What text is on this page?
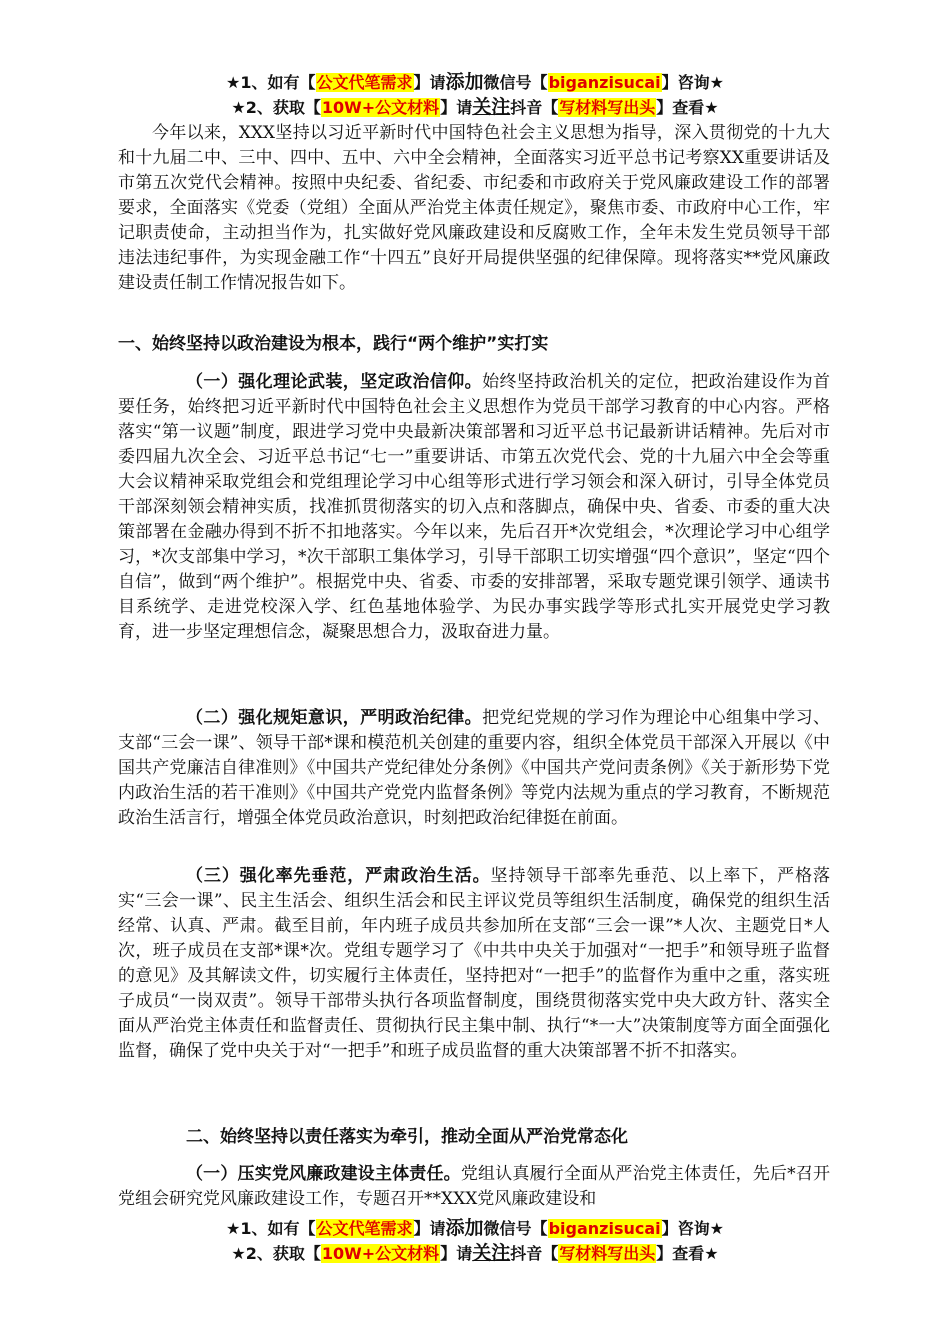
★1、如有【公文代笔需求】请添加微信号【biganzisucai】咨询★
★2、获取【10W+公文材料】请关注抖音【写材料写出头】查看★

今年以来，XXX坚持以习近平新时代中国特色社会主义思想为指导，深入贯彻党的十九大和十九届二中、三中、四中、五中、六中全会精神，全面落实习近平总书记考察XX重要讲话及市第五次党代会精神。按照中央纪委、省纪委、市纪委和市政府关于党风廉政建设工作的部署要求，全面落实《党委（党组）全面从严治党主体责任规定》，聚焦市委、市政府中心工作，牢记职责使命，主动担当作为，扎实做好党风廉政建设和反腐败工作，全年未发生党员领导干部违法违纪事件，为实现金融工作“十四五”良好开局提供坚强的纪律保障。现将落实**党风廉政建设责任制工作情况报告如下。

一、始终坚持以政治建设为根本，践行“两个维护”实打实

（一）强化理论武装，坚定政治信仰。始终坚持政治机关的定位，把政治建设作为首要任务，始终把习近平新时代中国特色社会主义思想作为党员干部学习教育的中心内容。严格落实“第一议题”制度，跟进学习党中央最新决策部署和习近平总书记最新讲话精神。先后对市委四届九次全会、习近平总书记“七一”重要讲话、市第五次党代会、党的十九届六中全会等重大会议精神采取党组会和党组理论学习中心组等形式进行学习领会和深入研讨，引导全体党员干部深刻领会精神实质，找准抓贯彻落实的切入点和落脚点，确保中央、省委、市委的重大决策部署在金融办得到不折不扣地落实。今年以来，先后召开*次党组会，*次理论学习中心组学习，*次支部集中学习，*次干部职工集体学习，引导干部职工切实增强“四个意识”，坚定“四个自信”，做到“两个维护”。根据党中央、省委、市委的安排部署，采取专题党课引领学、通读书目系统学、走进党校深入学、红色基地体验学、为民办事实践学等形式扎实开展党史学习教育，进一步坚定理想信念，凝聚思想合力，汲取奋进力量。

（二）强化规矩意识，严明政治纪律。把党纪党规的学习作为理论中心组集中学习、支部“三会一课”、领导干部*课和模范机关创建的重要内容，组织全体党员干部深入开展以《中国共产党廉洁自律准则》《中国共产党纪律处分条例》《中国共产党问责条例》《关于新形势下党内政治生活的若干准则》《中国共产党党内监督条例》等党内法规为重点的学习教育，不断规范政治生活言行，增强全体党员政治意识，时刻把政治纪律挺在前面。

（三）强化率先垂范，严肃政治生活。坚持领导干部率先垂范、以上率下，严格落实“三会一课”、民主生活会、组织生活会和民主评议党员等组织生活制度，确保党的组织生活经常、认真、严肃。截至目前，年内班子成员共参加所在支部“三会一课”*人次、主题党日*人次，班子成员在支部*课*次。党组专题学习了《中共中央关于加强对“一把手”和领导班子监督的意见》及其解读文件，切实履行主体责任，坚持把对“一把手”的监督作为重中之重，落实班子成员“一岗双责”。领导干部带头执行各项监督制度，围绕贯彻落实党中央大政方针、落实全面从严治党主体责任和监督责任、贯彻执行民主集中制、执行“*一大”决策制度等方面全面强化监督，确保了党中央关于对“一把手”和班子成员监督的重大决策部署不折不扣落实。

二、始终坚持以责任落实为牵引，推动全面从严治党常态化

（一）压实党风廉政建设主体责任。党组认真履行全面从严治党主体责任，先后*召开党组会研究党风廉政建设工作，专题召开**XXX党风廉政建设和

★1、如有【公文代笔需求】请添加微信号【biganzisucai】咨询★
★2、获取【10W+公文材料】请关注抖音【写材料写出头】查看★
